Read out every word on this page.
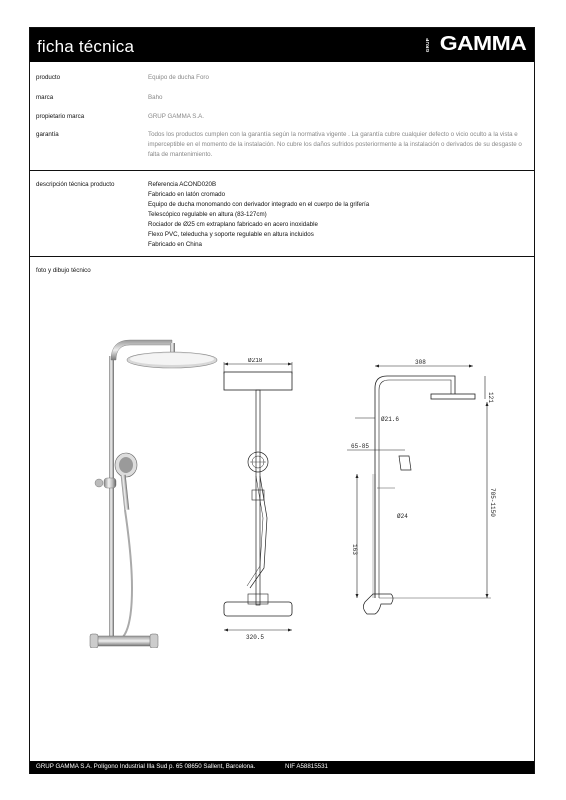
ficha técnica	GRUP GAMMA
producto	Equipo de ducha Foro
marca	Baho
propietario marca	GRUP GAMMA S.A.
garantía	Todos los productos cumplen con la garantía según la normativa vigente . La garantía cubre cualquier defecto o vicio oculto a la vista e imperceptible en el momento de la instalación. No cubre los daños sufridos posteriormente a la instalación o derivados de su desgaste o falta de mantenimiento.
descripción técnica producto	Referencia ACOND020B
Fabricado en latón cromado
Equipo de ducha monomando con derivador integrado en el cuerpo de la grifería
Telescópico regulable en altura (83-127cm)
Rociador de Ø25 cm extraplano fabricado en acero inoxidable
Flexo PVC, teleducha y soporte regulable en altura incluidos
Fabricado en China
foto y dibujo técnico
Ø218
320.5
308
121
Ø21.6
65-85
Ø24
163
705-1150
GRUP GAMMA S.A. Polígono Industrial Illa Sud p. 65 08650 Sallent, Barcelona.	NIF A58815531
